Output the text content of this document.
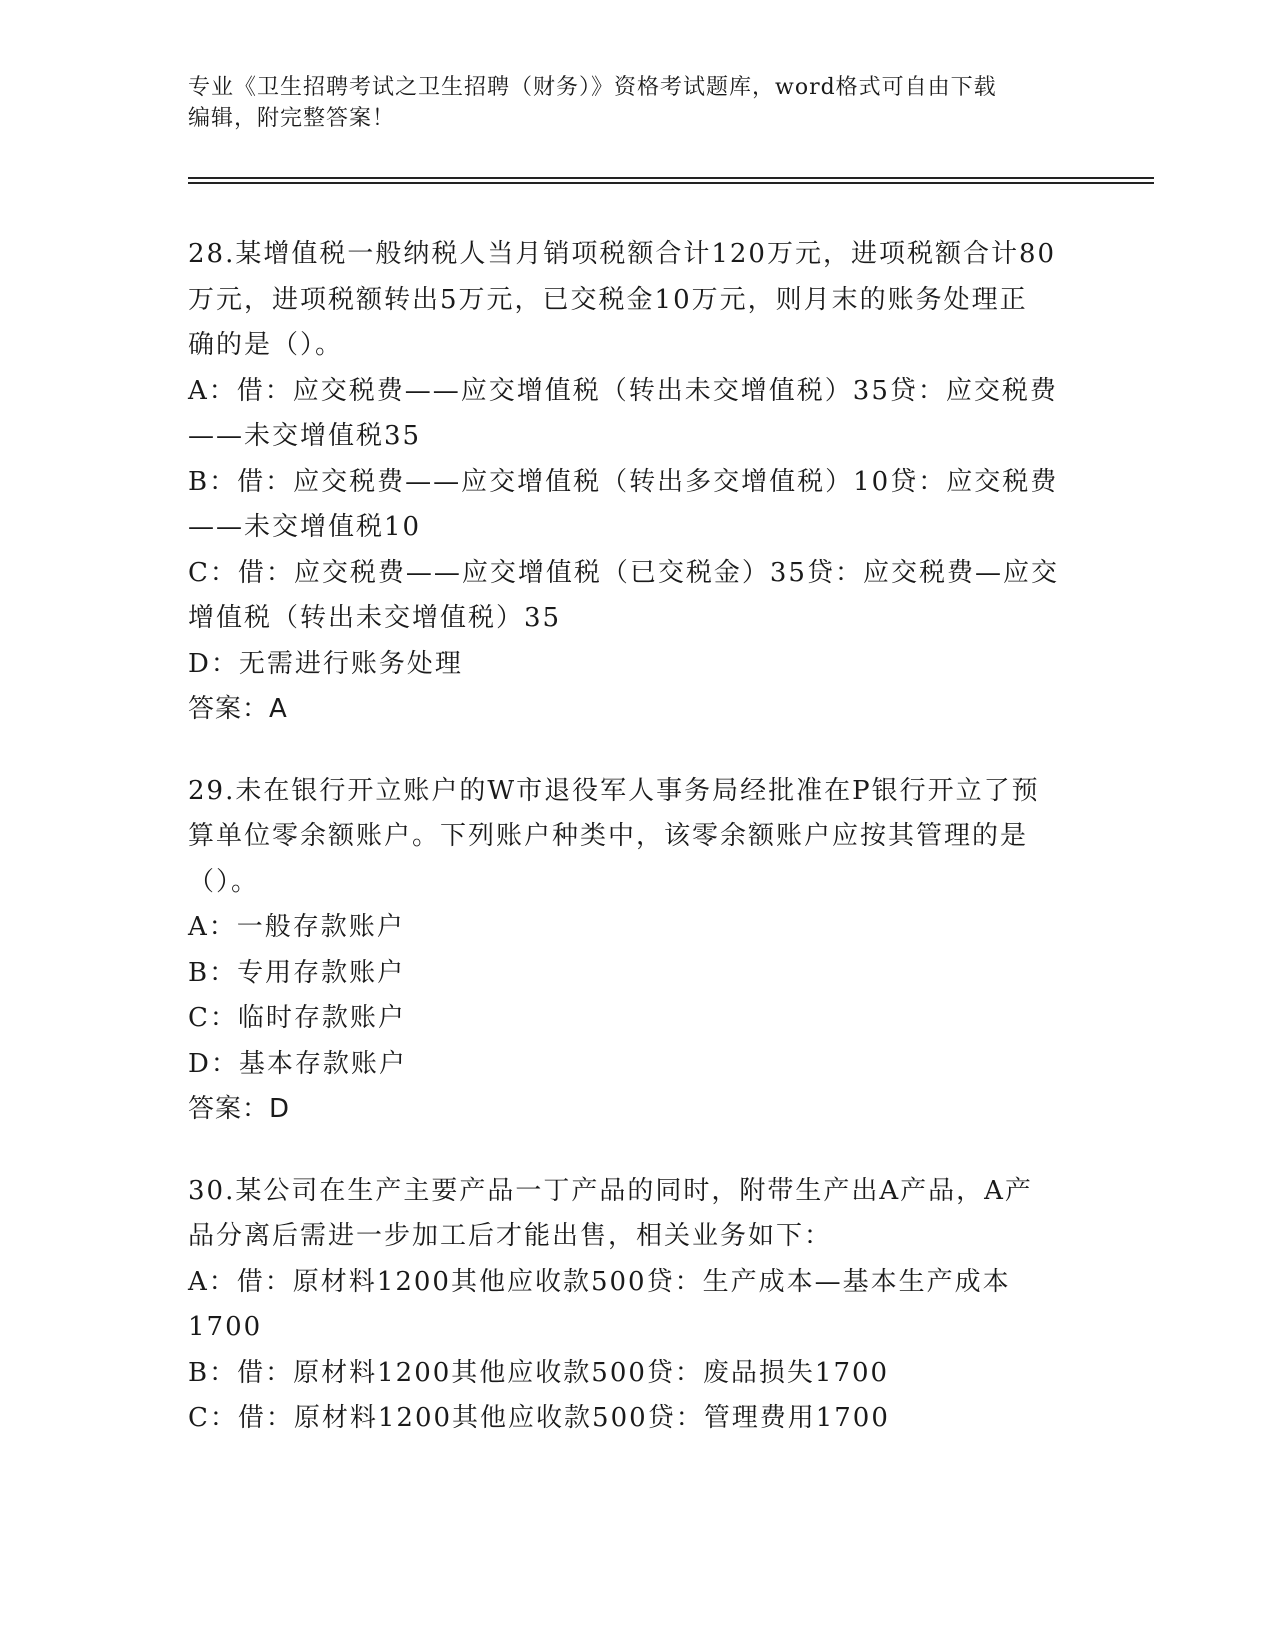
专业《卫生招聘考试之卫生招聘（财务）》资格考试题库，word格式可自由下载
编辑，附完整答案！
28.某增值税一般纳税人当月销项税额合计120万元，进项税额合计80
万元，进项税额转出5万元，已交税金10万元，则月末的账务处理正
确的是（）。
A：借：应交税费——应交增值税（转出未交增值税）35贷：应交税费
——未交增值税35
B：借：应交税费——应交增值税（转出多交增值税）10贷：应交税费
——未交增值税10
C：借：应交税费——应交增值税（已交税金）35贷：应交税费—应交
增值税（转出未交增值税）35
D：无需进行账务处理
答案：A
29.未在银行开立账户的W市退役军人事务局经批准在P银行开立了预
算单位零余额账户。下列账户种类中，该零余额账户应按其管理的是
（）。
A：一般存款账户
B：专用存款账户
C：临时存款账户
D：基本存款账户
答案：D
30.某公司在生产主要产品一丁产品的同时，附带生产出A产品，A产
品分离后需进一步加工后才能出售，相关业务如下：
A：借：原材料1200其他应收款500贷：生产成本—基本生产成本
1700
B：借：原材料1200其他应收款500贷：废品损失1700
C：借：原材料1200其他应收款500贷：管理费用1700
